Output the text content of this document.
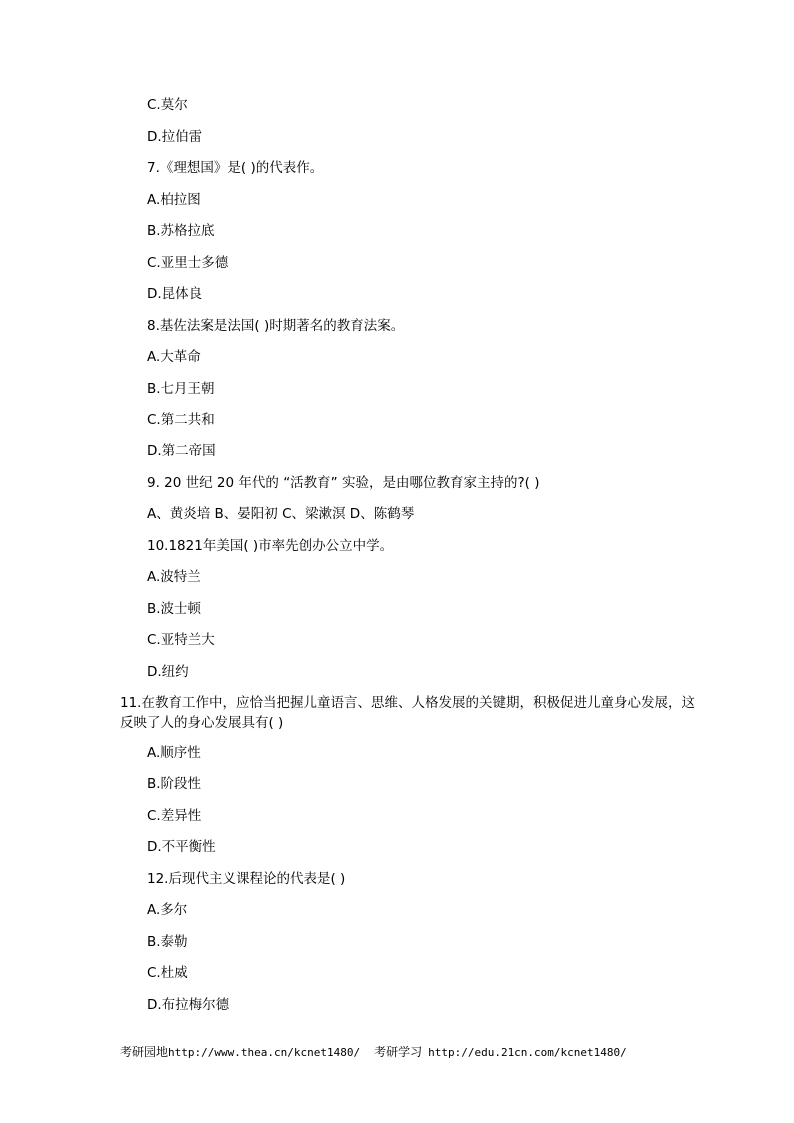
C.莫尔
D.拉伯雷
7.《理想国》是( )的代表作。
A.柏拉图
B.苏格拉底
C.亚里士多德
D.昆体良
8.基佐法案是法国( )时期著名的教育法案。
A.大革命
B.七月王朝
C.第二共和
D.第二帝国
9. 20 世纪 20 年代的 “活教育” 实验，是由哪位教育家主持的?( )
A、黄炎培 B、晏阳初 C、梁漱溟 D、陈鹤琴
10.1821年美国( )市率先创办公立中学。
A.波特兰
B.波士顿
C.亚特兰大
D.纽约
11.在教育工作中，应恰当把握儿童语言、思维、人格发展的关键期，积极促进儿童身心发展，这反映了人的身心发展具有( )
A.顺序性
B.阶段性
C.差异性
D.不平衡性
12.后现代主义课程论的代表是( )
A.多尔
B.泰勒
C.杜威
D.布拉梅尔德
考研园地http://www.thea.cn/kcnet1480/ 考研学习 http://edu.21cn.com/kcnet1480/
